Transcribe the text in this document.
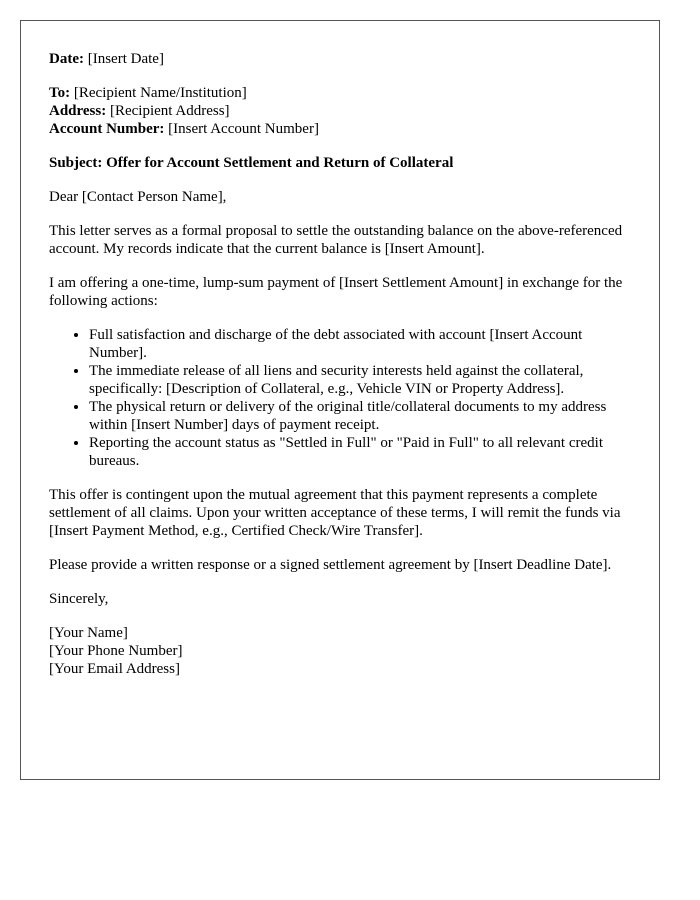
Date: [Insert Date]

To: [Recipient Name/Institution]
Address: [Recipient Address]
Account Number: [Insert Account Number]

Subject: Offer for Account Settlement and Return of Collateral

Dear [Contact Person Name],

This letter serves as a formal proposal to settle the outstanding balance on the above-referenced account. My records indicate that the current balance is [Insert Amount].

I am offering a one-time, lump-sum payment of [Insert Settlement Amount] in exchange for the following actions:

• Full satisfaction and discharge of the debt associated with account [Insert Account Number].
• The immediate release of all liens and security interests held against the collateral, specifically: [Description of Collateral, e.g., Vehicle VIN or Property Address].
• The physical return or delivery of the original title/collateral documents to my address within [Insert Number] days of payment receipt.
• Reporting the account status as "Settled in Full" or "Paid in Full" to all relevant credit bureaus.

This offer is contingent upon the mutual agreement that this payment represents a complete settlement of all claims. Upon your written acceptance of these terms, I will remit the funds via [Insert Payment Method, e.g., Certified Check/Wire Transfer].

Please provide a written response or a signed settlement agreement by [Insert Deadline Date].

Sincerely,

[Your Name]
[Your Phone Number]
[Your Email Address]
